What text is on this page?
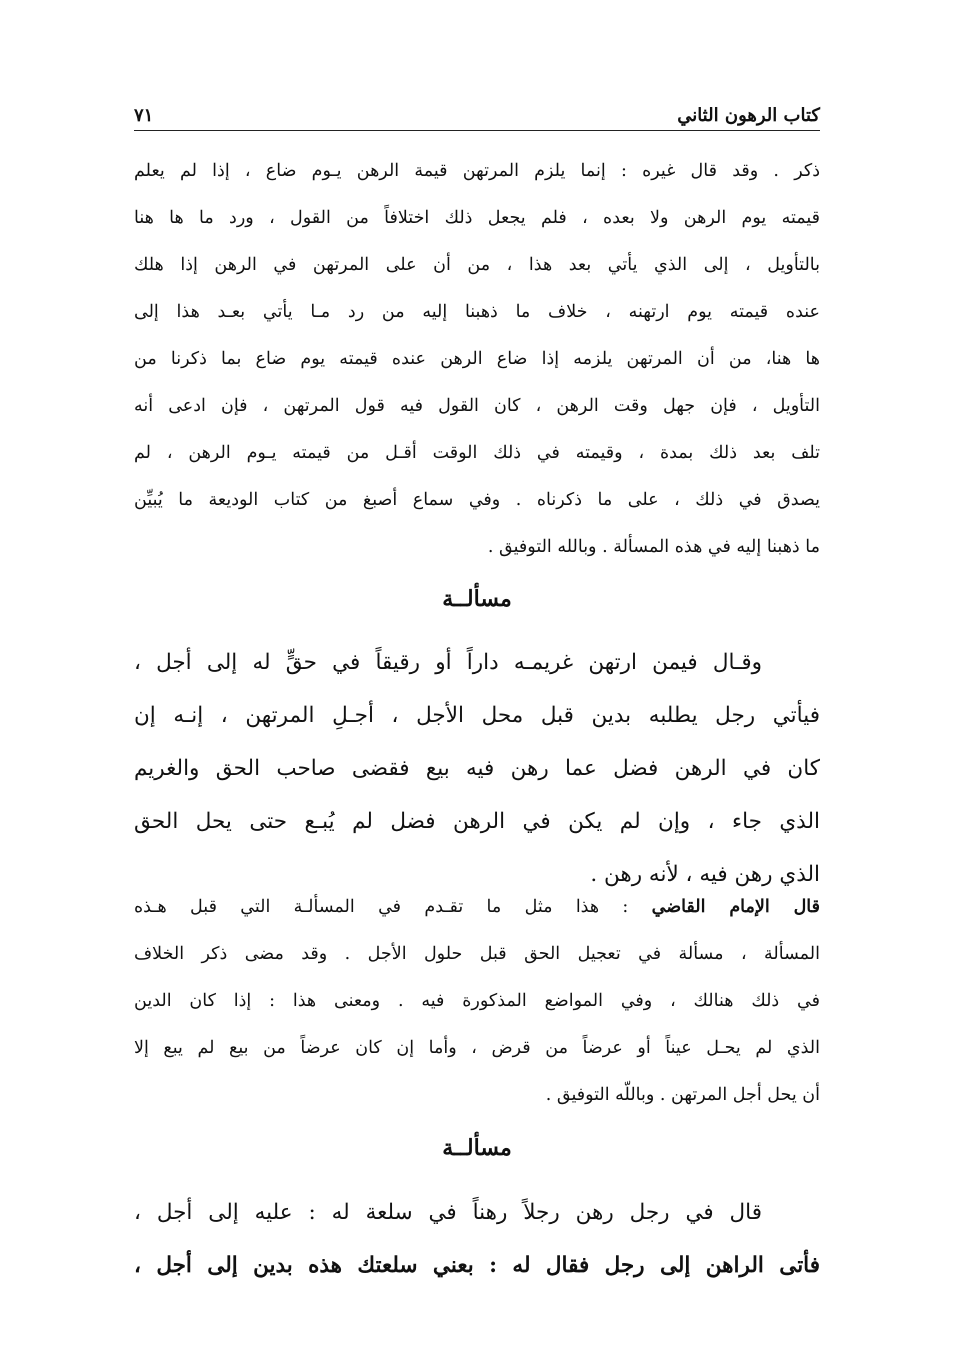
كتاب الرهون الثاني
٧١
ذكر . وقد قال غيره : إنما يلزم المرتهن قيمة الرهن يـوم ضاع ، إذا لم يعلم
قيمته يوم الرهن ولا بعده ، فلم يجعل ذلك اختلافاً من القول ، ورد ما ها هنا
بالتأويل ، إلى الذي يأتي بعد هذا ، من أن على المرتهن في الرهن إذا هلك
عنده قيمته يوم ارتهنه ، خلاف ما ذهبنا إليه من رد مـا يأتي بعـد هذا إلى
ها هنا، من أن المرتهن يلزمه إذا ضاع الرهن عنده قيمته يوم ضاع بما ذكرنا من
التأويل ، فإن جهل وقت الرهن ، كان القول فيه قول المرتهن ، فإن ادعى أنه
تلف بعد ذلك بمدة ، وقيمته في ذلك الوقت أقـل من قيمته يـوم الرهن ، لم
يصدق في ذلك ، على ما ذكرناه . وفي سماع أصبغ من كتاب الوديعة ما يُبيِّن
ما ذهبنا إليه في هذه المسألة . وبالله التوفيق .
مسألــة
وقـال فيمن ارتهن غريمـه داراً أو رقيقاً في حقٍّ له إلى أجل ،
فيأتي رجل يطلبه بدين قبل محل الأجل ، أجـلِ المرتهن ، إنـه إن
كان في الرهن فضل عما رهن فيه بيع فقضى صاحب الحق والغريم
الذي جاء ، وإن لم يكن في الرهن فضل لم يُبـع حتى يحل الحق
الذي رهن فيه ، لأنه رهن .
قال الإمام القاضي : هذا مثل ما تقـدم في المسألـة التي قبل هـذه
المسألة ، مسألة في تعجيل الحق قبل حلول الأجل . وقد مضى ذكر الخلاف
في ذلك هنالك ، وفي المواضع المذكورة فيه . ومعنى هذا : إذا كان الدين
الذي لم يحـل عيناً أو عرضاً من قرض ، وأما إن كان عرضاً من بيع لم يبع إلا
أن يحل أجل المرتهن . وباللّه التوفيق .
مسألــة
قال في رجل رهن رجلاً رهناً في سلعة له : عليه إلى أجل ،
فأتى الراهن إلى رجل فقال له : بعني سلعتك هذه بدين إلى أجل ،
